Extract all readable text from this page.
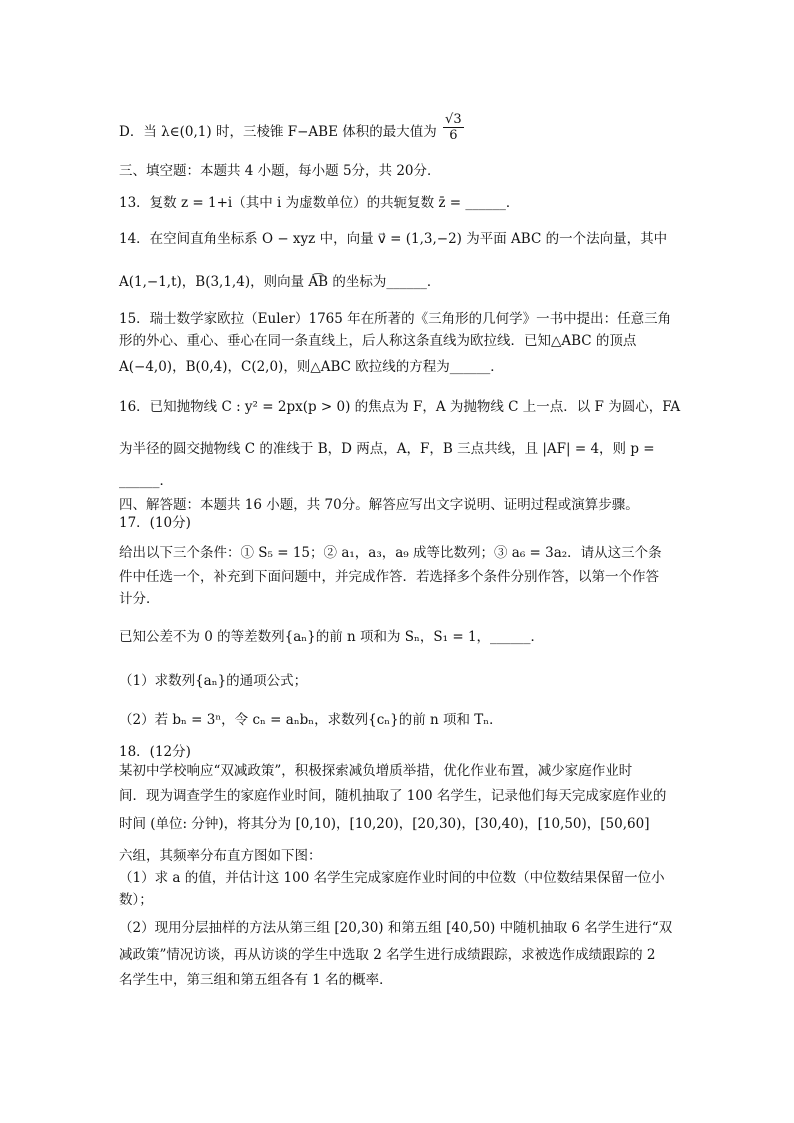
D．当 λ∈(0,1) 时，三棱锥 F−ABE 体积的最大值为 $\frac{√3}{6}$
三、填空题：本题共 4 小题，每小题 5分，共 20分．
13．复数 z = 1+i（其中 i 为虚数单位）的共轭复数 z̄ = ______．
14．在空间直角坐标系 O − xyz 中，向量 v⃗ = (1,3,−2) 为平面 ABC 的一个法向量，其中
A(1,−1,t)，B(3,1,4)，则向量 A͡B 的坐标为______．
15．瑞士数学家欧拉（Euler）1765 年在所著的《三角形的几何学》一书中提出：任意三角
形的外心、重心、垂心在同一条直线上，后人称这条直线为欧拉线．已知△ABC 的顶点
A(−4,0)，B(0,4)，C(2,0)，则△ABC 欧拉线的方程为______．
16．已知抛物线 C : y² = 2px(p > 0) 的焦点为 F，A 为抛物线 C 上一点．以 F 为圆心，FA
为半径的圆交抛物线 C 的准线于 B，D 两点，A，F，B 三点共线，且 |AF| = 4，则 p =
______．
四、解答题：本题共 16 小题，共 70分。解答应写出文字说明、证明过程或演算步骤。
17．(10分)
给出以下三个条件：① S₅ = 15；② a₁，a₃，a₉ 成等比数列；③ a₆ = 3a₂．请从这三个条
件中任选一个，补充到下面问题中，并完成作答．若选择多个条件分别作答，以第一个作答
计分．
已知公差不为 0 的等差数列{aₙ}的前 n 项和为 Sₙ，S₁ = 1，______．
（1）求数列{aₙ}的通项公式；
（2）若 bₙ = 3ⁿ，令 cₙ = aₙbₙ，求数列{cₙ}的前 n 项和 Tₙ．
18．(12分)
某初中学校响应“双减政策”，积极探索减负增质举措，优化作业布置，减少家庭作业时
间．现为调查学生的家庭作业时间，随机抽取了 100 名学生，记录他们每天完成家庭作业的
时间 (单位: 分钟)，将其分为 [0,10)，[10,20)，[20,30)，[30,40)，[10,50)，[50,60]
六组，其频率分布直方图如下图：
（1）求 a 的值，并估计这 100 名学生完成家庭作业时间的中位数（中位数结果保留一位小
数）；
（2）现用分层抽样的方法从第三组 [20,30) 和第五组 [40,50) 中随机抽取 6 名学生进行“双
减政策”情况访谈，再从访谈的学生中选取 2 名学生进行成绩跟踪，求被选作成绩跟踪的 2
名学生中，第三组和第五组各有 1 名的概率．
